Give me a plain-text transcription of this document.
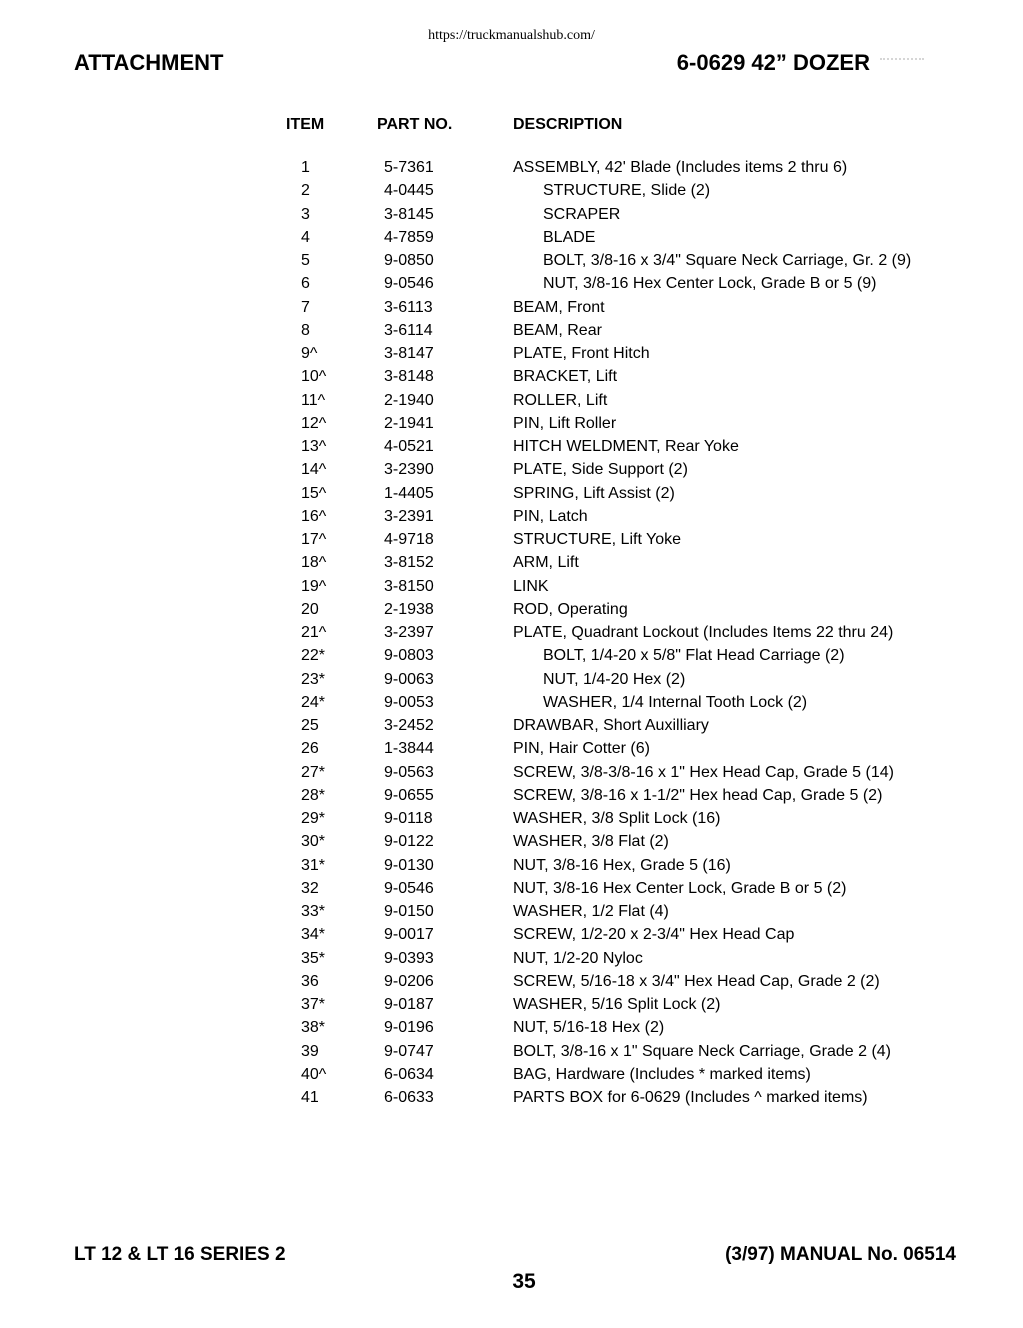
https://truckmanualshub.com/
ATTACHMENT	6-0629 42” DOZER
ITEM	PART NO.	DESCRIPTION
1	5-7361	ASSEMBLY, 42' Blade (Includes items 2 thru 6)
2	4-0445	STRUCTURE, Slide (2)
3	3-8145	SCRAPER
4	4-7859	BLADE
5	9-0850	BOLT, 3/8-16 x 3/4" Square Neck Carriage, Gr. 2 (9)
6	9-0546	NUT, 3/8-16 Hex Center Lock, Grade B or 5 (9)
7	3-6113	BEAM, Front
8	3-6114	BEAM, Rear
9^	3-8147	PLATE, Front Hitch
10^	3-8148	BRACKET, Lift
11^	2-1940	ROLLER, Lift
12^	2-1941	PIN, Lift Roller
13^	4-0521	HITCH WELDMENT, Rear Yoke
14^	3-2390	PLATE, Side Support (2)
15^	1-4405	SPRING, Lift Assist (2)
16^	3-2391	PIN, Latch
17^	4-9718	STRUCTURE, Lift Yoke
18^	3-8152	ARM, Lift
19^	3-8150	LINK
20	2-1938	ROD, Operating
21^	3-2397	PLATE, Quadrant Lockout (Includes Items 22 thru 24)
22*	9-0803	BOLT, 1/4-20 x 5/8" Flat Head Carriage (2)
23*	9-0063	NUT, 1/4-20 Hex (2)
24*	9-0053	WASHER, 1/4 Internal Tooth Lock (2)
25	3-2452	DRAWBAR, Short Auxilliary
26	1-3844	PIN, Hair Cotter (6)
27*	9-0563	SCREW, 3/8-3/8-16 x 1" Hex Head Cap, Grade 5 (14)
28*	9-0655	SCREW, 3/8-16 x 1-1/2" Hex head Cap, Grade 5 (2)
29*	9-0118	WASHER, 3/8 Split Lock (16)
30*	9-0122	WASHER, 3/8 Flat (2)
31*	9-0130	NUT, 3/8-16 Hex, Grade 5 (16)
32	9-0546	NUT, 3/8-16 Hex Center Lock, Grade B or 5 (2)
33*	9-0150	WASHER, 1/2 Flat (4)
34*	9-0017	SCREW, 1/2-20 x 2-3/4" Hex Head Cap
35*	9-0393	NUT, 1/2-20 Nyloc
36	9-0206	SCREW, 5/16-18 x 3/4" Hex Head Cap, Grade 2 (2)
37*	9-0187	WASHER, 5/16 Split Lock (2)
38*	9-0196	NUT, 5/16-18 Hex (2)
39	9-0747	BOLT, 3/8-16 x 1" Square Neck Carriage, Grade 2 (4)
40^	6-0634	BAG, Hardware (Includes * marked items)
41	6-0633	PARTS BOX for 6-0629 (Includes ^ marked items)
LT 12 & LT 16 SERIES 2	(3/97) MANUAL No. 06514
35
